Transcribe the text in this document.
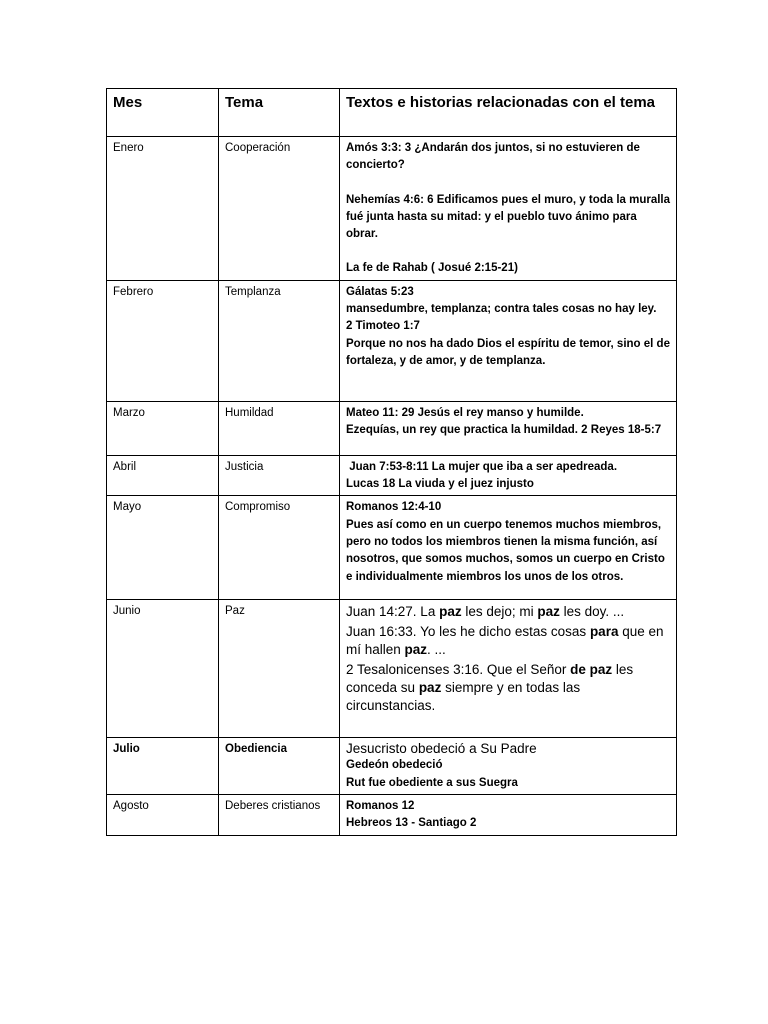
Mes	Tema	Textos e historias relacionadas con el tema
Enero	Cooperación	Amós 3:3: 3 ¿Andarán dos juntos, si no estuvieren de concierto?

Nehemías 4:6: 6 Edificamos pues el muro, y toda la muralla fué junta hasta su mitad: y el pueblo tuvo ánimo para obrar.

La fe de Rahab ( Josué 2:15-21)

Febrero	Templanza	Gálatas 5:23

mansedumbre, templanza; contra tales cosas no hay ley.

2 Timoteo 1:7

Porque no nos ha dado Dios el espíritu de temor, sino el de fortaleza, y de amor, y de templanza.

Marzo	Humildad	Mateo 11: 29 Jesús el rey manso y humilde.

Ezequías, un rey que practica la humildad. 2 Reyes 18-5:7

Abril	Justicia	Juan 7:53-8:11 La mujer que iba a ser apedreada.

Lucas 18 La viuda y el juez injusto

Mayo	Compromiso	Romanos 12:4-10

Pues así como en un cuerpo tenemos muchos miembros, pero no todos los miembros tienen la misma función, así nosotros, que somos muchos, somos un cuerpo en Cristo e individualmente miembros los unos de los otros.

Junio	Paz	Juan 14:27. La paz les dejo; mi paz les doy. ...

Juan 16:33. Yo les he dicho estas cosas para que en mí hallen paz. ...

2 Tesalonicenses 3:16. Que el Señor de paz les conceda su paz siempre y en todas las circunstancias.

Julio	Obediencia	Jesucristo obedeció a Su Padre

Gedeón obedeció

Rut fue obediente a sus Suegra

Agosto	Deberes cristianos	Romanos 12

Hebreos 13 - Santiago 2
